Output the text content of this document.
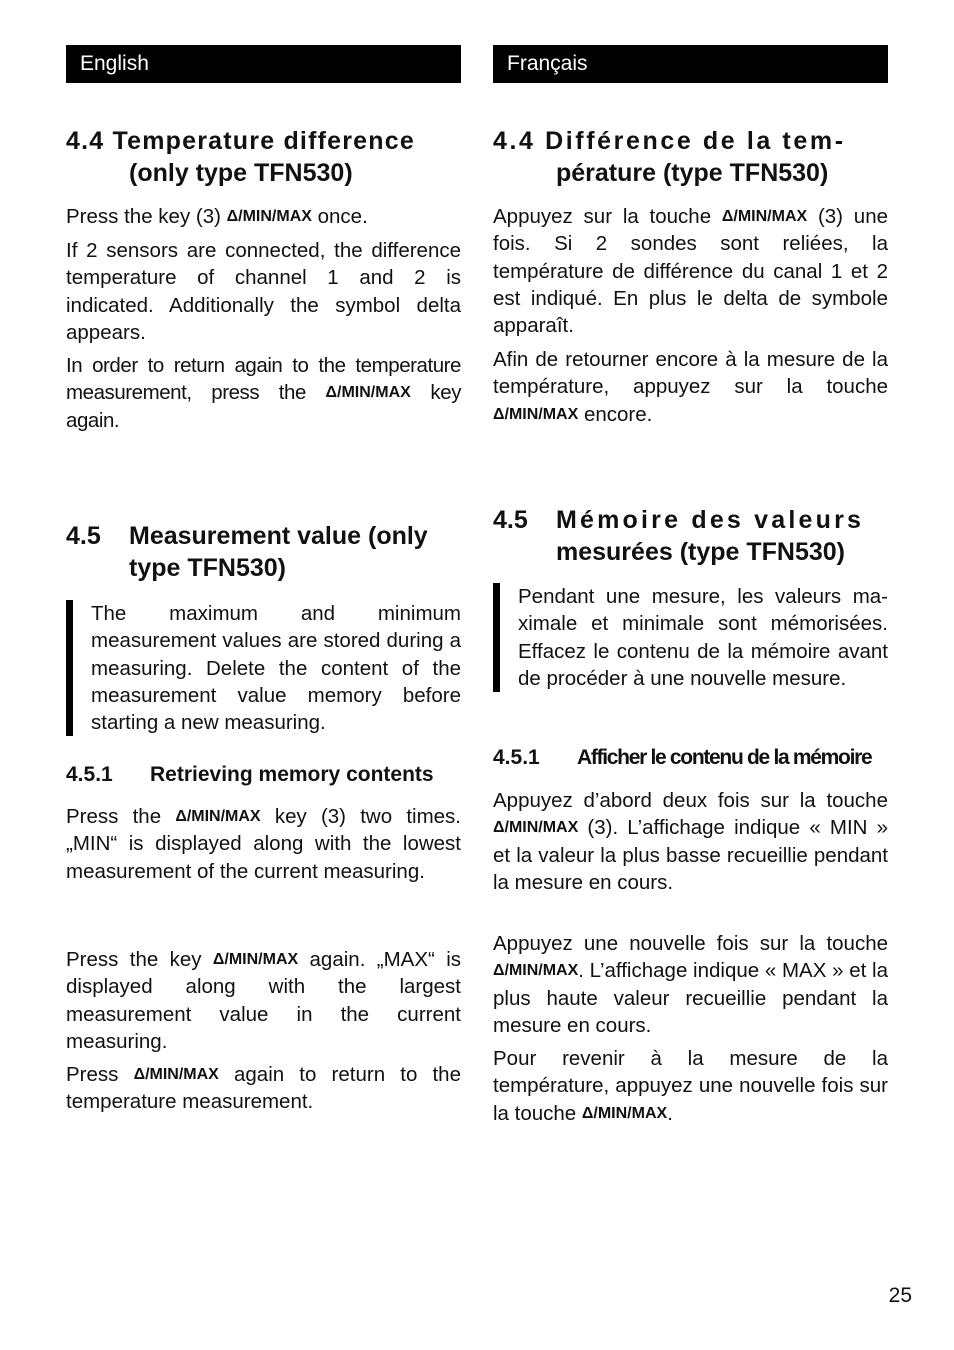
English
4.4 Temperature difference
(only type TFN530)

Press the key (3) Δ/MIN/MAX once.

If 2 sensors are connected, the difference temperature of channel 1 and 2 is indicated. Additionally the symbol delta appears.

In order to return again to the temperature measurement, press the Δ/MIN/MAX key again.

4.5 Measurement value (only
type TFN530)
The maximum and minimum measurement values are stored during a measuring. Delete the content of the measurement value memory before starting a new measuring.
4.5.1 Retrieving memory contents

Press the Δ/MIN/MAX key (3) two times. „MIN“ is displayed along with the lowest measurement of the current measuring.

Press the key Δ/MIN/MAX again. „MAX“ is displayed along with the largest measurement value in the current measuring.

Press Δ/MIN/MAX again to return to the temperature measurement.

Français
4.4 Différence de la tem-
pérature (type TFN530)

Appuyez sur la touche Δ/MIN/MAX (3) une fois. Si 2 sondes sont reliées, la température de différence du canal 1 et 2 est indiqué. En plus le delta de symbole apparaît.

Afin de retourner encore à la mesure de la température, appuyez sur la touche Δ/MIN/MAX encore.

4.5 Mémoire des valeurs
mesurées (type TFN530)
Pendant une mesure, les valeurs ma- ximale et minimale sont mémorisées. Effacez le contenu de la mémoire avant de procéder à une nouvelle mesure.
4.5.1 Afficher le contenu de la mémoire

Appuyez d’abord deux fois sur la touche Δ/MIN/MAX (3). L’affichage indique « MIN » et la valeur la plus basse recueillie pendant la mesure en cours.

Appuyez une nouvelle fois sur la touche Δ/MIN/MAX. L’affichage indique « MAX » et la plus haute valeur recueillie pendant la mesure en cours.

Pour revenir à la mesure de la température, appuyez une nouvelle fois sur la touche Δ/MIN/MAX.

25
